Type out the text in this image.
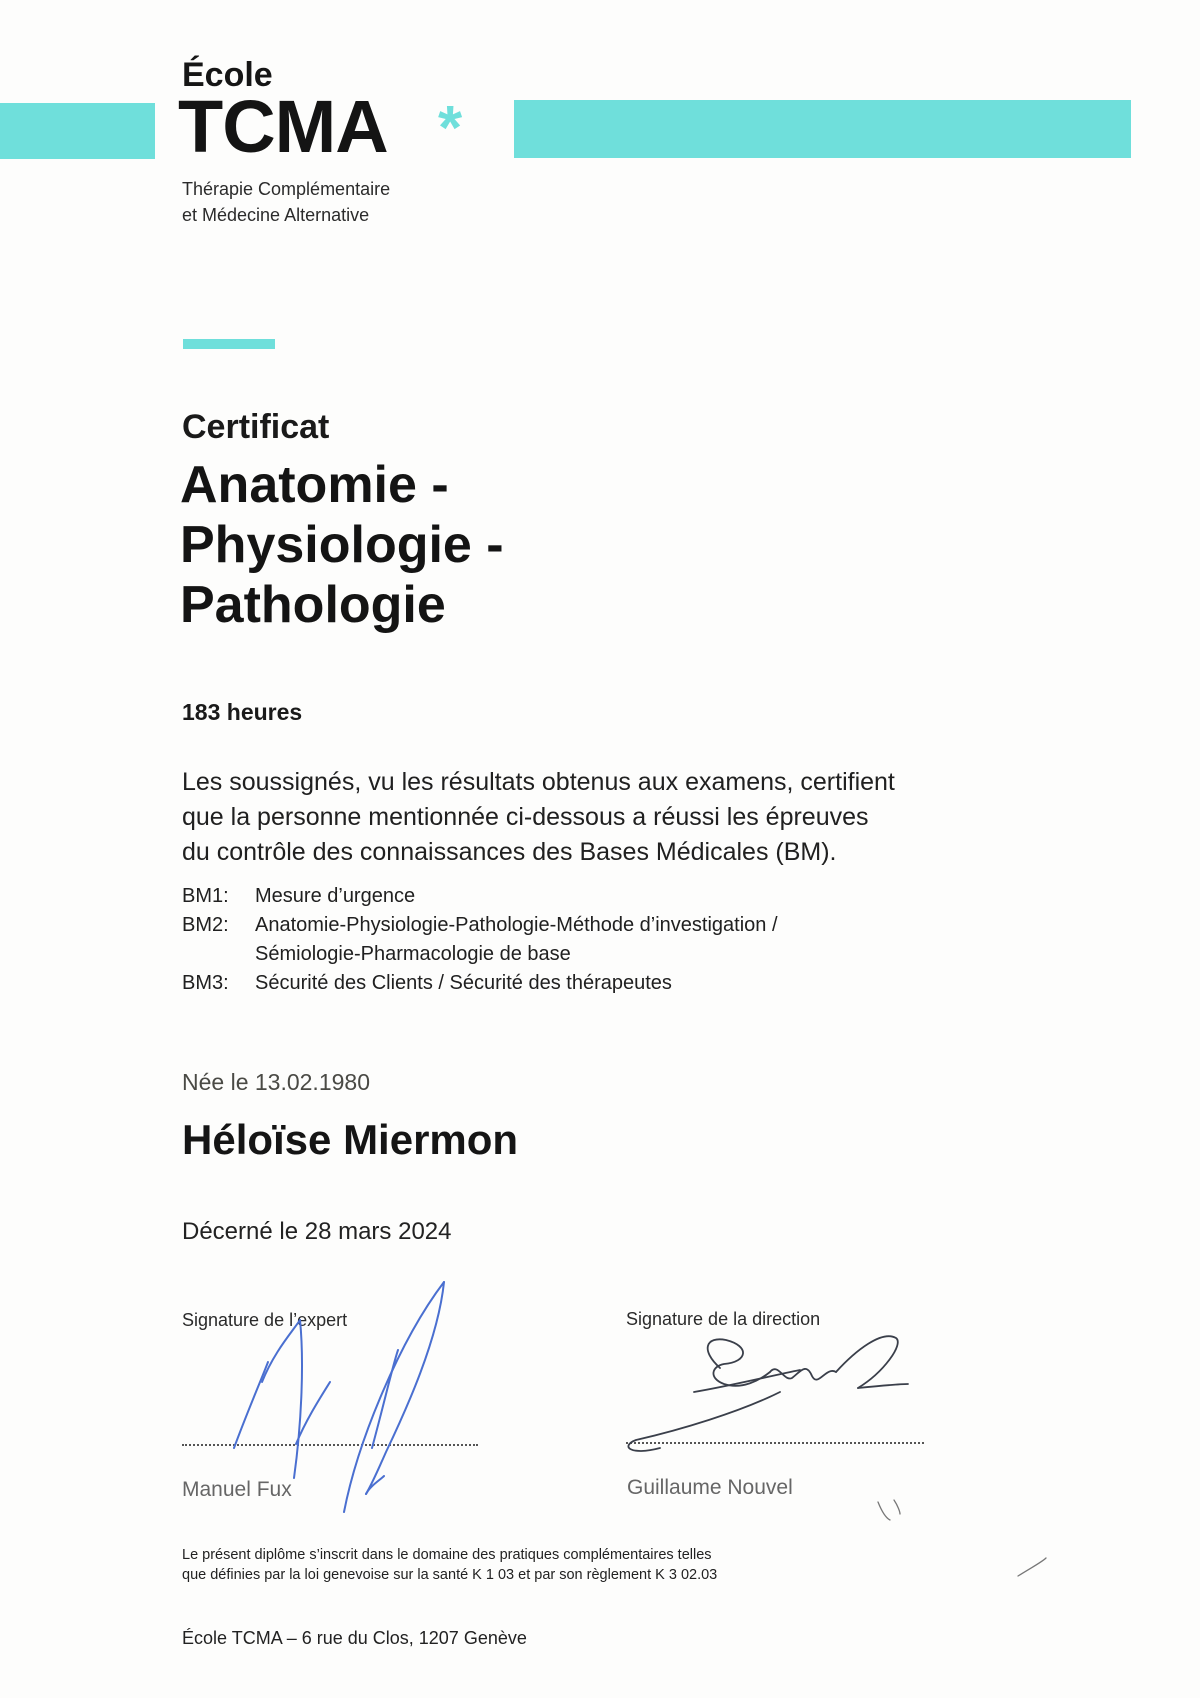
École
TCMA *
Thérapie Complémentaire
et Médecine Alternative
Certificat
Anatomie -
Physiologie -
Pathologie
183 heures
Les soussignés, vu les résultats obtenus aux examens, certifient
que la personne mentionnée ci-dessous a réussi les épreuves
du contrôle des connaissances des Bases Médicales (BM).
BM1:	Mesure d’urgence
BM2:	Anatomie-Physiologie-Pathologie-Méthode d’investigation /
Sémiologie-Pharmacologie de base
BM3:	Sécurité des Clients / Sécurité des thérapeutes
Née le 13.02.1980
Héloïse Miermon
Décerné le 28 mars 2024
Signature de l’expert
Manuel Fux
Signature de la direction
Guillaume Nouvel
Le présent diplôme s’inscrit dans le domaine des pratiques complémentaires telles
que définies par la loi genevoise sur la santé K 1 03 et par son règlement K 3 02.03
École TCMA – 6 rue du Clos, 1207 Genève
